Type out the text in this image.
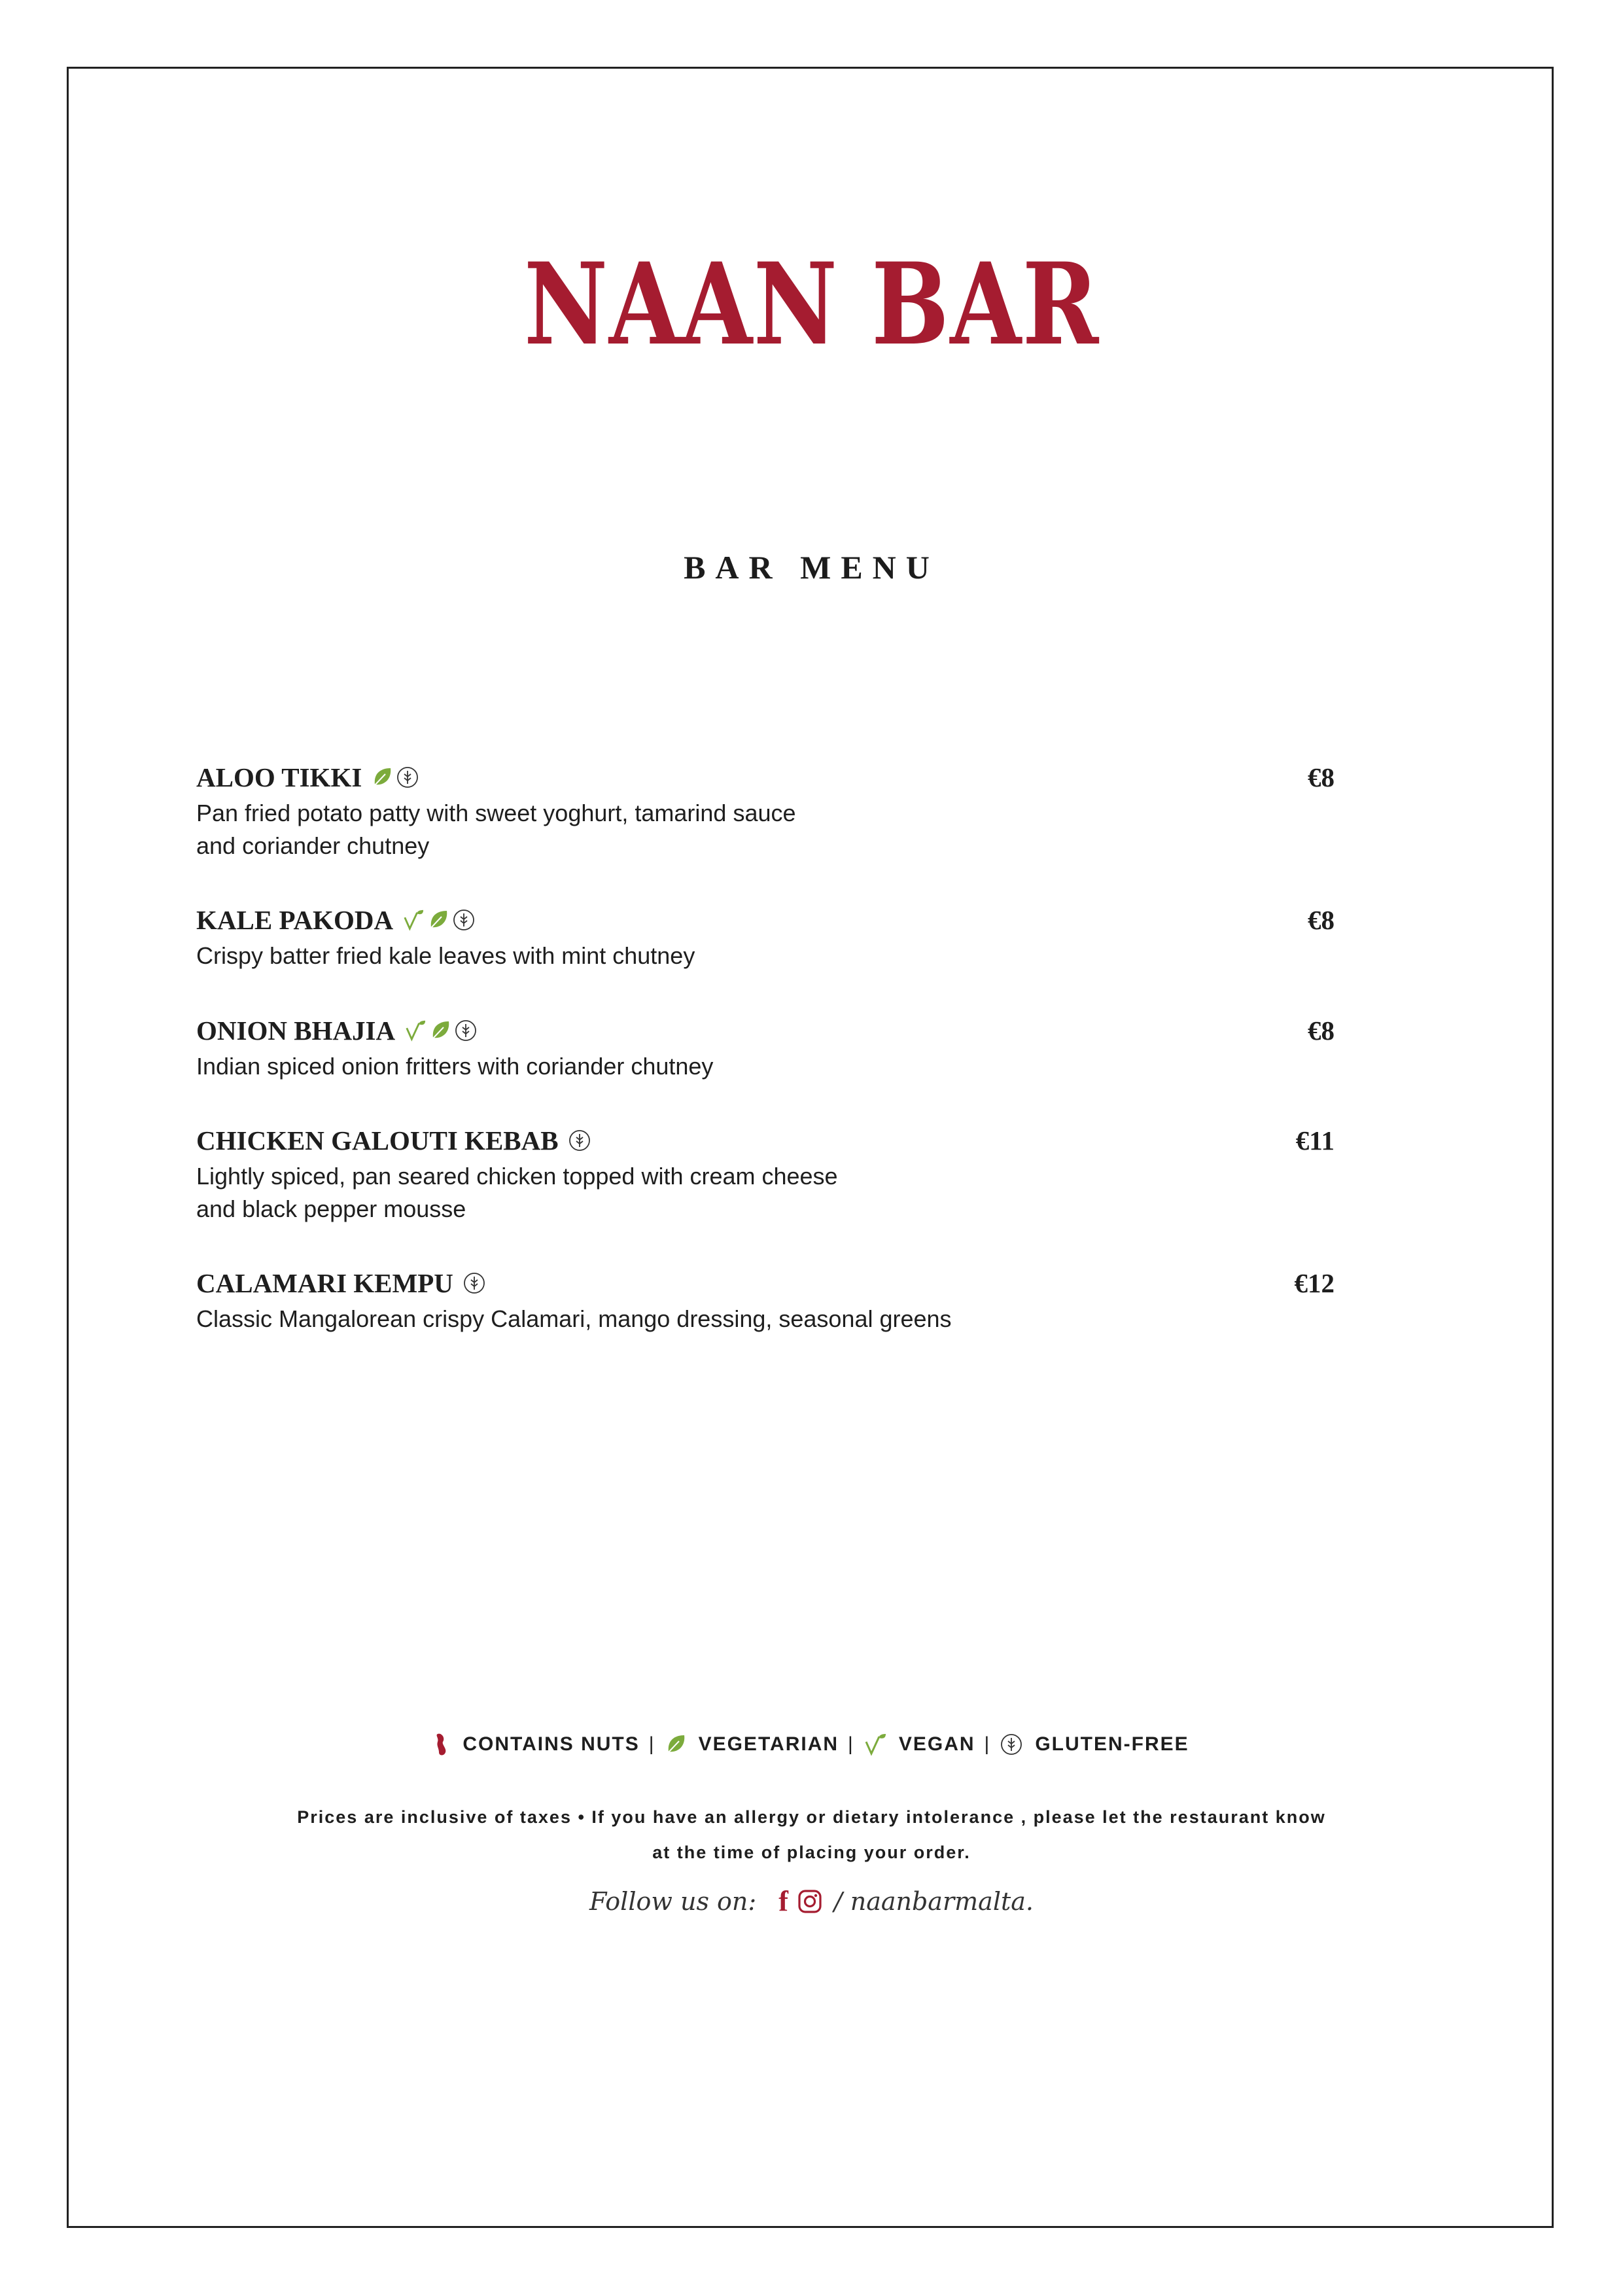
NAAN BAR
BAR MENU
ALOO TIKKI	€8
Pan fried potato patty with sweet yoghurt, tamarind sauce
and coriander chutney
KALE PAKODA	€8
Crispy batter fried kale leaves with mint chutney
ONION BHAJIA	€8
Indian spiced onion fritters with coriander chutney
CHICKEN GALOUTI KEBAB	€11
Lightly spiced, pan seared chicken topped with cream cheese
and black pepper mousse
CALAMARI KEMPU	€12
Classic Mangalorean crispy Calamari, mango dressing, seasonal greens
CONTAINS NUTS | VEGETARIAN | VEGAN | GLUTEN-FREE
Prices are inclusive of taxes • If you have an allergy or dietary intolerance , please let the restaurant know
at the time of placing your order.
Follow us on: f / naanbarmalta.
